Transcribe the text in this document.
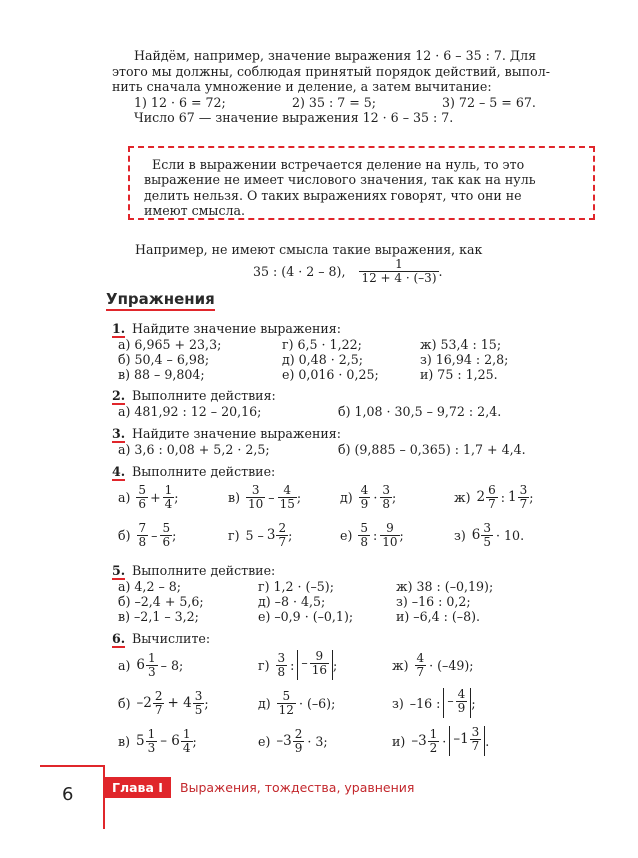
Найдём, например, значение выражения 12 · 6 – 35 : 7. Для
этого мы должны, соблюдая принятый порядок действий, выпол-
нить сначала умножение и деление, а затем вычитание:
1) 12 · 6 = 72;	2) 35 : 7 = 5;	3) 72 – 5 = 67.
Число 67 — значение выражения 12 · 6 – 35 : 7.
Если в выражении встречается деление на нуль, то это
выражение не имеет числового значения, так как на нуль
делить нельзя. О таких выражениях говорят, что они не
имеют смысла.
Например, не имеют смысла такие выражения, как
35 : (4 · 2 – 8), $\frac{1}{12 + 4 \cdot (-3)}$ .
Упражнения
1. Найдите значение выражения:
а) 6,965 + 23,3;	г) 6,5 · 1,22;	ж) 53,4 : 15;
б) 50,4 – 6,98;	д) 0,48 · 2,5;	з) 16,94 : 2,8;
в) 88 – 9,804;	е) 0,016 · 0,25;	и) 75 : 1,25.
2. Выполните действия:
а) 481,92 : 12 – 20,16;	б) 1,08 · 30,5 – 9,72 : 2,4.
3. Найдите значение выражения:
а) 3,6 : 0,08 + 5,2 · 2,5;	б) (9,885 – 0,365) : 1,7 + 4,4.
4. Выполните действие:
$а) \frac{5}{6} + \frac{1}{4}$ ;	$в) \frac{3}{10} - \frac{4}{15}$ ;	$д) \frac{4}{9} \cdot \frac{3}{8}$ ;	ж) $2 \frac{6}{7}$ : $1 \frac{3}{7}$ ;
$б) \frac{7}{8} - \frac{5}{6}$ ;	г) $5 - 3 \frac{2}{7}$ ;	$е) \frac{5}{8}$ : $\frac{9}{10}$ ;	з) $6 \frac{3}{5} \cdot 10$.
5. Выполните действие:
а) 4,2 – 8;	г) 1,2 · (–5);	ж) 38 : (–0,19);
б) –2,4 + 5,6;	д) –8 · 4,5;	з) –16 : 0,2;
в) –2,1 – 3,2;	е) –0,9 · (–0,1);	и) –6,4 : (–8).
6. Вычислите:
а) $6 \frac{1}{3} - 8$;	$г) \frac{3}{8}$ : – $\frac{9}{16}$ ;	$ж) \frac{4}{7} \cdot (-49)$;
б) $-2 \frac{2}{7} + 4 \frac{3}{5}$ ;	$д) \frac{5}{12} \cdot (-6)$;	з) –16 : – $\frac{4}{9}$ ;
в) $5 \frac{1}{3} - 6 \frac{1}{4}$ ;	е) $-3 \frac{2}{9} \cdot 3$;	и) $-3 \frac{1}{2} \cdot -1 \frac{3}{7}$ .
6	Глава I	Выражения, тождества, уравнения
